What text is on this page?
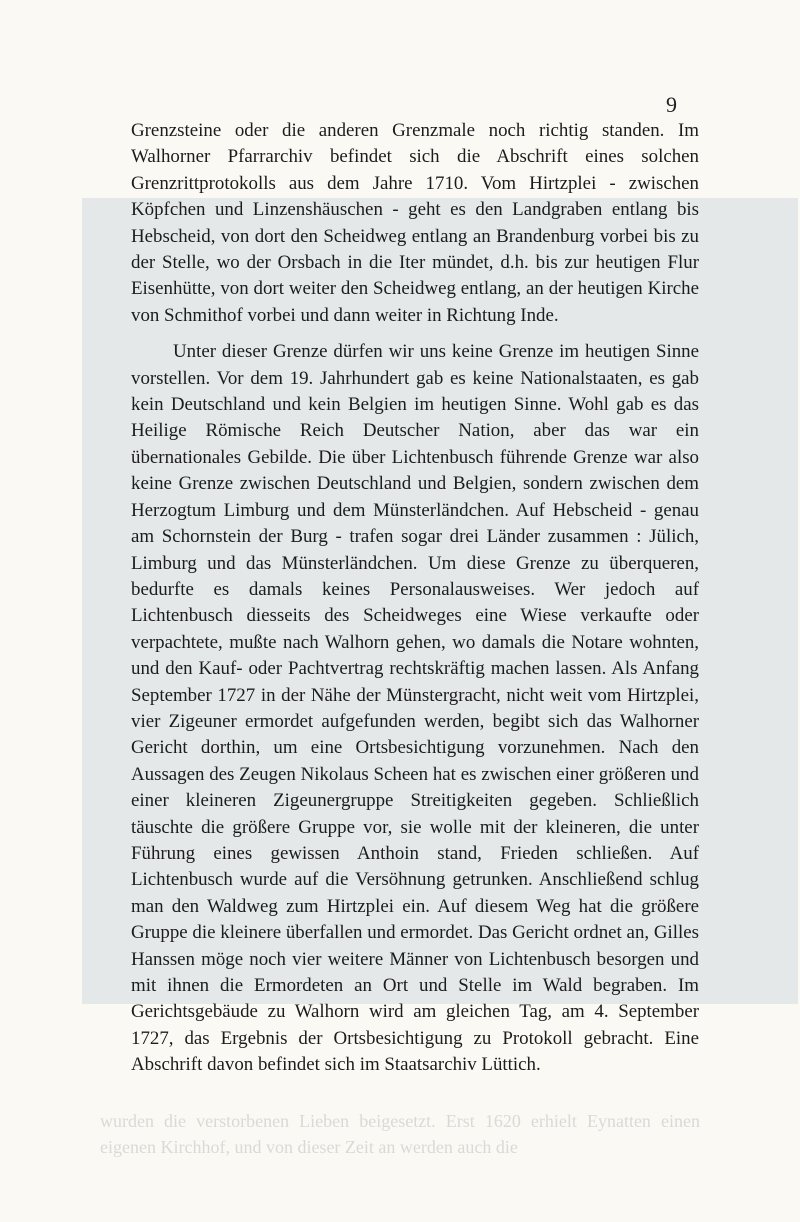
wurden die verstorbenen Lieben beigesetzt. Erst 1620 erhielt Eynatten einen eigenen Kirchhof, und von dieser Zeit an werden auch die
9

Grenzsteine oder die anderen Grenzmale noch richtig standen. Im Walhorner Pfarrarchiv befindet sich die Abschrift eines solchen Grenzrittprotokolls aus dem Jahre 1710. Vom Hirtzplei - zwischen Köpfchen und Linzenshäuschen - geht es den Landgraben entlang bis Hebscheid, von dort den Scheidweg entlang an Brandenburg vorbei bis zu der Stelle, wo der Orsbach in die Iter mündet, d.h. bis zur heutigen Flur Eisenhütte, von dort weiter den Scheidweg entlang, an der heutigen Kirche von Schmithof vorbei und dann weiter in Richtung Inde.

Unter dieser Grenze dürfen wir uns keine Grenze im heutigen Sinne vorstellen. Vor dem 19. Jahrhundert gab es keine Nationalstaaten, es gab kein Deutschland und kein Belgien im heutigen Sinne. Wohl gab es das Heilige Römische Reich Deutscher Nation, aber das war ein übernationales Gebilde. Die über Lichtenbusch führende Grenze war also keine Grenze zwischen Deutschland und Belgien, sondern zwischen dem Herzogtum Limburg und dem Münsterländchen. Auf Hebscheid - genau am Schornstein der Burg - trafen sogar drei Länder zusammen : Jülich, Limburg und das Münsterländchen. Um diese Grenze zu überqueren, bedurfte es damals keines Personalausweises. Wer jedoch auf Lichtenbusch diesseits des Scheidweges eine Wiese verkaufte oder verpachtete, mußte nach Walhorn gehen, wo damals die Notare wohnten, und den Kauf- oder Pachtvertrag rechtskräftig machen lassen. Als Anfang September 1727 in der Nähe der Münstergracht, nicht weit vom Hirtzplei, vier Zigeuner ermordet aufgefunden werden, begibt sich das Walhorner Gericht dorthin, um eine Ortsbesichtigung vorzunehmen. Nach den Aussagen des Zeugen Nikolaus Scheen hat es zwischen einer größeren und einer kleineren Zigeunergruppe Streitigkeiten gegeben. Schließlich täuschte die größere Gruppe vor, sie wolle mit der kleineren, die unter Führung eines gewissen Anthoin stand, Frieden schließen. Auf Lichtenbusch wurde auf die Versöhnung getrunken. Anschließend schlug man den Waldweg zum Hirtzplei ein. Auf diesem Weg hat die größere Gruppe die kleinere überfallen und ermordet. Das Gericht ordnet an, Gilles Hanssen möge noch vier weitere Männer von Lichtenbusch besorgen und mit ihnen die Ermordeten an Ort und Stelle im Wald begraben. Im Gerichtsgebäude zu Walhorn wird am gleichen Tag, am 4. September 1727, das Ergebnis der Ortsbesichtigung zu Protokoll gebracht. Eine Abschrift davon befindet sich im Staatsarchiv Lüttich.
